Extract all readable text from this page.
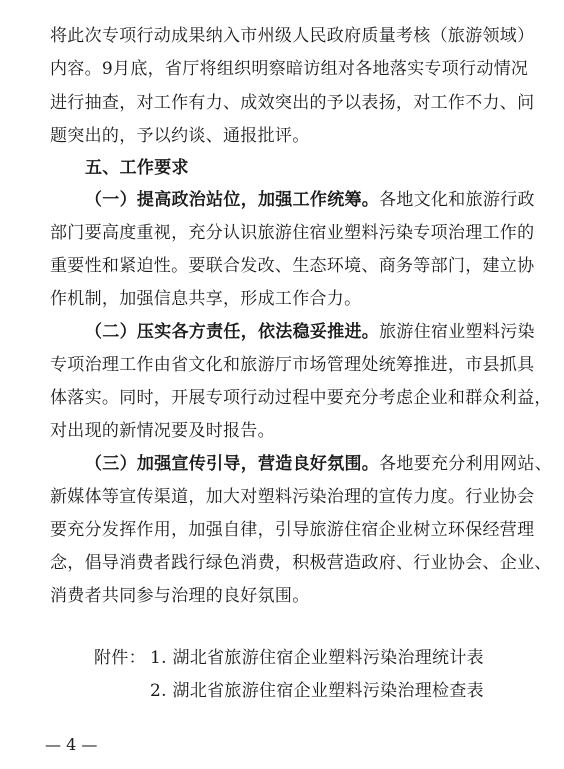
将此次专项行动成果纳入市州级人民政府质量考核（旅游领域）
内容。9月底，省厅将组织明察暗访组对各地落实专项行动情况
进行抽查，对工作有力、成效突出的予以表扬，对工作不力、问
题突出的，予以约谈、通报批评。
五、工作要求
（一）提高政治站位，加强工作统筹。各地文化和旅游行政
部门要高度重视，充分认识旅游住宿业塑料污染专项治理工作的
重要性和紧迫性。要联合发改、生态环境、商务等部门，建立协
作机制，加强信息共享，形成工作合力。
（二）压实各方责任，依法稳妥推进。旅游住宿业塑料污染
专项治理工作由省文化和旅游厅市场管理处统筹推进，市县抓具
体落实。同时，开展专项行动过程中要充分考虑企业和群众利益，
对出现的新情况要及时报告。
（三）加强宣传引导，营造良好氛围。各地要充分利用网站、
新媒体等宣传渠道，加大对塑料污染治理的宣传力度。行业协会
要充分发挥作用，加强自律，引导旅游住宿企业树立环保经营理
念，倡导消费者践行绿色消费，积极营造政府、行业协会、企业、
消费者共同参与治理的良好氛围。
附件： 1. 湖北省旅游住宿企业塑料污染治理统计表
2. 湖北省旅游住宿企业塑料污染治理检查表
— 4 —
